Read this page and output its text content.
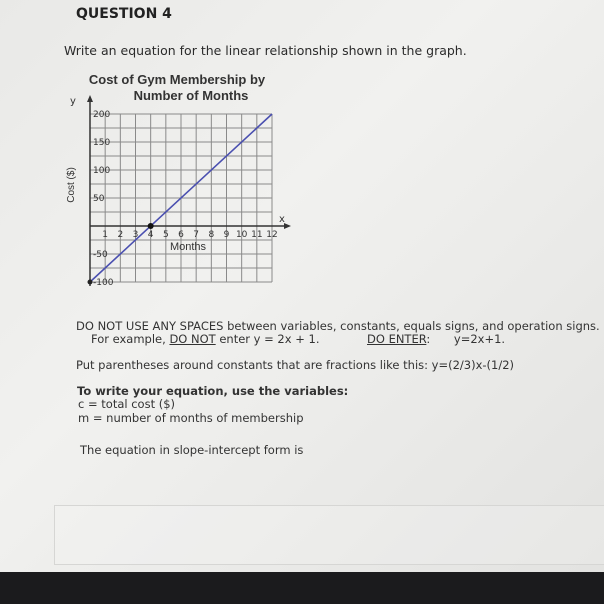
QUESTION 4
Write an equation for the linear relationship shown in the graph.
Cost of Gym Membership by
Number of Months
1 2 3 4 5 6 7 8 9 10 11 12
200
150
100
50
-50
-100
Months
Cost ($)
y
x
DO NOT USE ANY SPACES between variables, constants, equals signs, and operation signs.
For example, DO NOT enter y = 2x + 1.	DO ENTER: y=2x+1.
Put parentheses around constants that are fractions like this: y=(2/3)x-(1/2)
To write your equation, use the variables:
c = total cost ($)
m = number of months of membership
The equation in slope-intercept form is
